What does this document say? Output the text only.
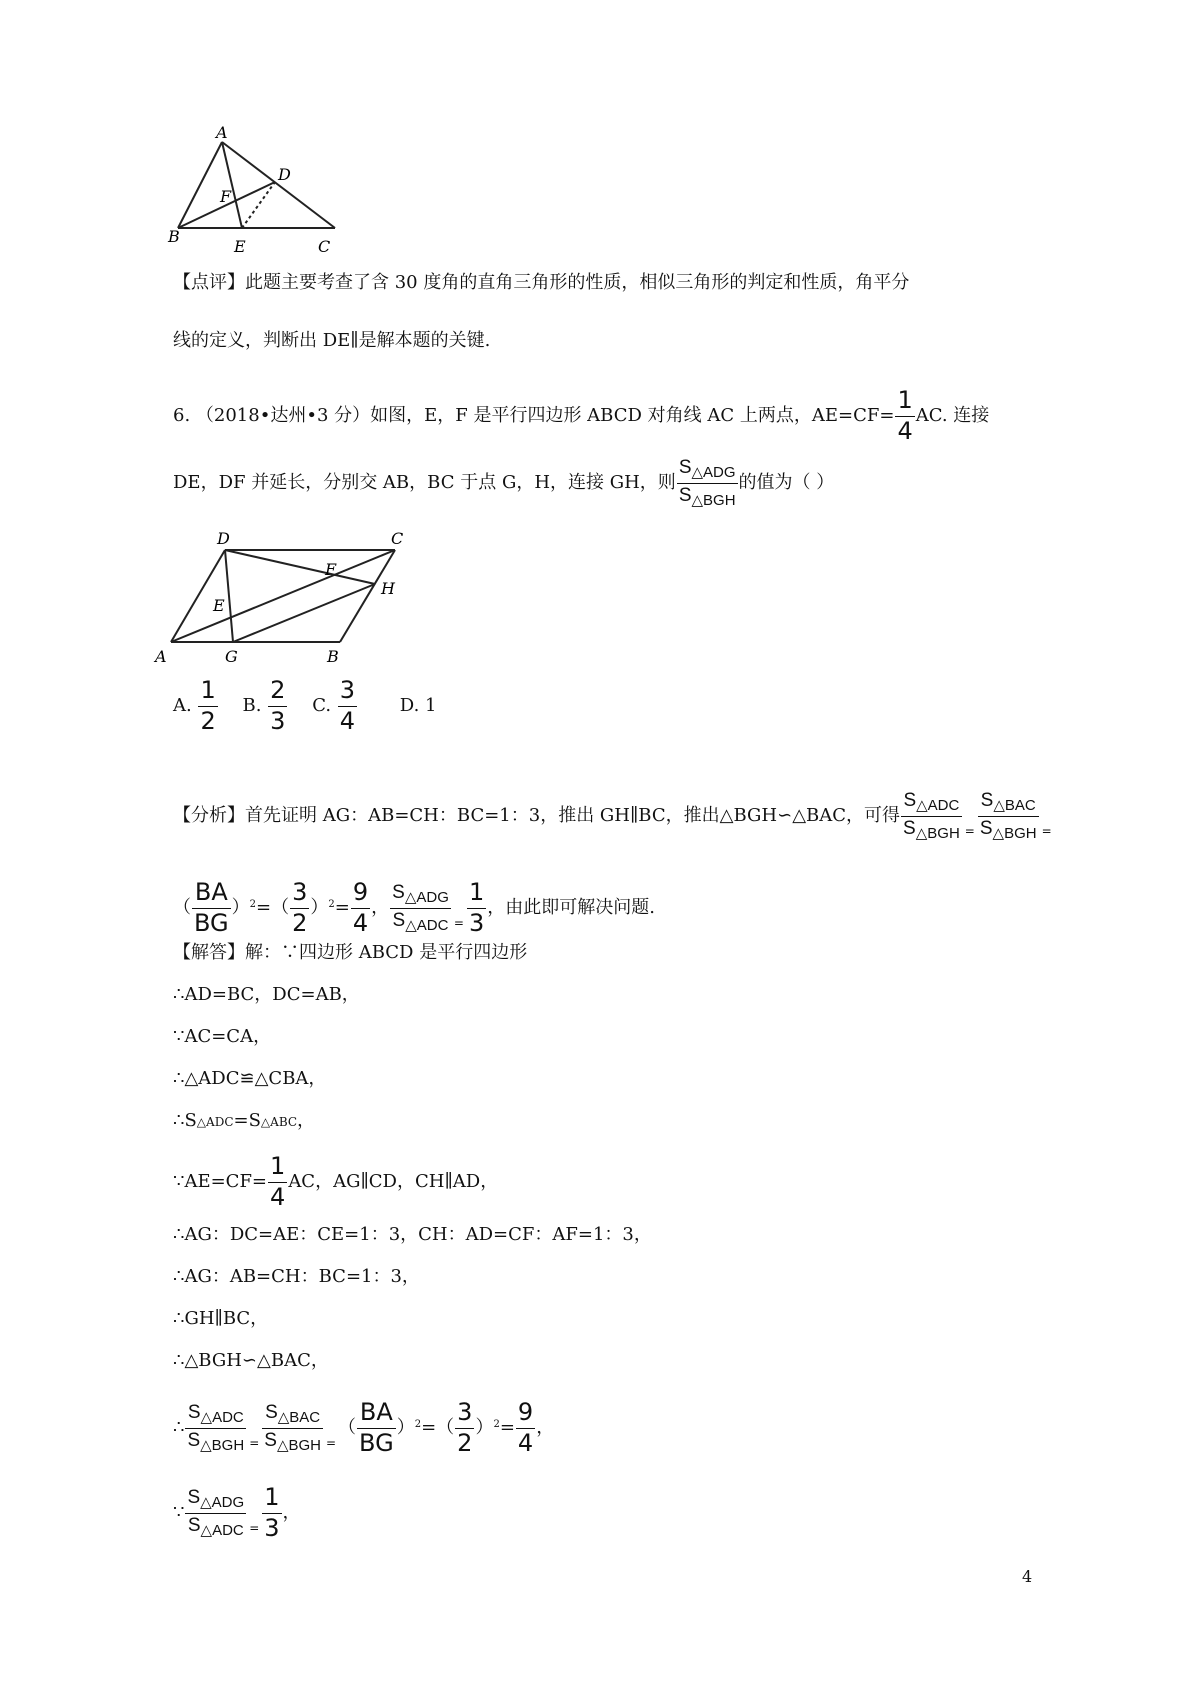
A
D
F
B
E	C
【点评】此题主要考查了含 30 度角的直角三角形的性质，相似三角形的判定和性质，角平分
线的定义，判断出 DE∥是解本题的关键.
6. （2018•达州•3 分）如图，E，F 是平行四边形 ABCD 对角线 AC 上两点，$AE=CF= \frac{1}{4}$ AC. 连接
DE，DF 并延长，分别交 AB，BC 于点 G，H，连接 GH，则 $\frac{S_{\triangle ADG}}{S_{\triangle BGH}}$ 的值为（ ）
D	C
F
H
E
A	G	B
A. $\frac{1}{2} B$. $\frac{2}{3} C$. $\frac{3}{4} D$. 1
【分析】首先证明 AG：AB=CH：BC=1：3，推出 GH∥BC，推出△BGH∽△BAC，可得 $\frac{S_{\triangle ADC}}{S_{\triangle BGH}} _= \frac{S_{\triangle BAC}}{S_{\triangle BGH}} _=$
（ $\frac{BA}{BG} )^2=( \frac{3}{2} )^2= \frac{9}{4}$ ， $\frac{S_{\triangle ADG}}{S_{\triangle ADC}} _= \frac{1}{3}$ ，由此即可解决问题.
【解答】解：∵四边形 ABCD 是平行四边形
∴AD=BC，DC=AB，
∵AC=CA，
∴△ADC≌△CBA，
∴S△ADC=S△ABC，
∵AE=CF= $\frac{1}{4}$ AC，AG∥CD，CH∥AD，
∴AG：DC=AE：CE=1：3，CH：AD=CF：AF=1：3，
∴AG：AB=CH：BC=1：3，
∴GH∥BC，
∴△BGH∽△BAC，
∴ $\frac{S_{\triangle ADC}}{S_{\triangle BGH}} _= \frac{S_{\triangle BAC}}{S_{\triangle BGH}} _=( \frac{BA}{BG} )^2=( \frac{3}{2} )^2= \frac{9}{4}$ ，
∵ $\frac{S_{\triangle ADG}}{S_{\triangle ADC}} _= \frac{1}{3}$ ，
4
